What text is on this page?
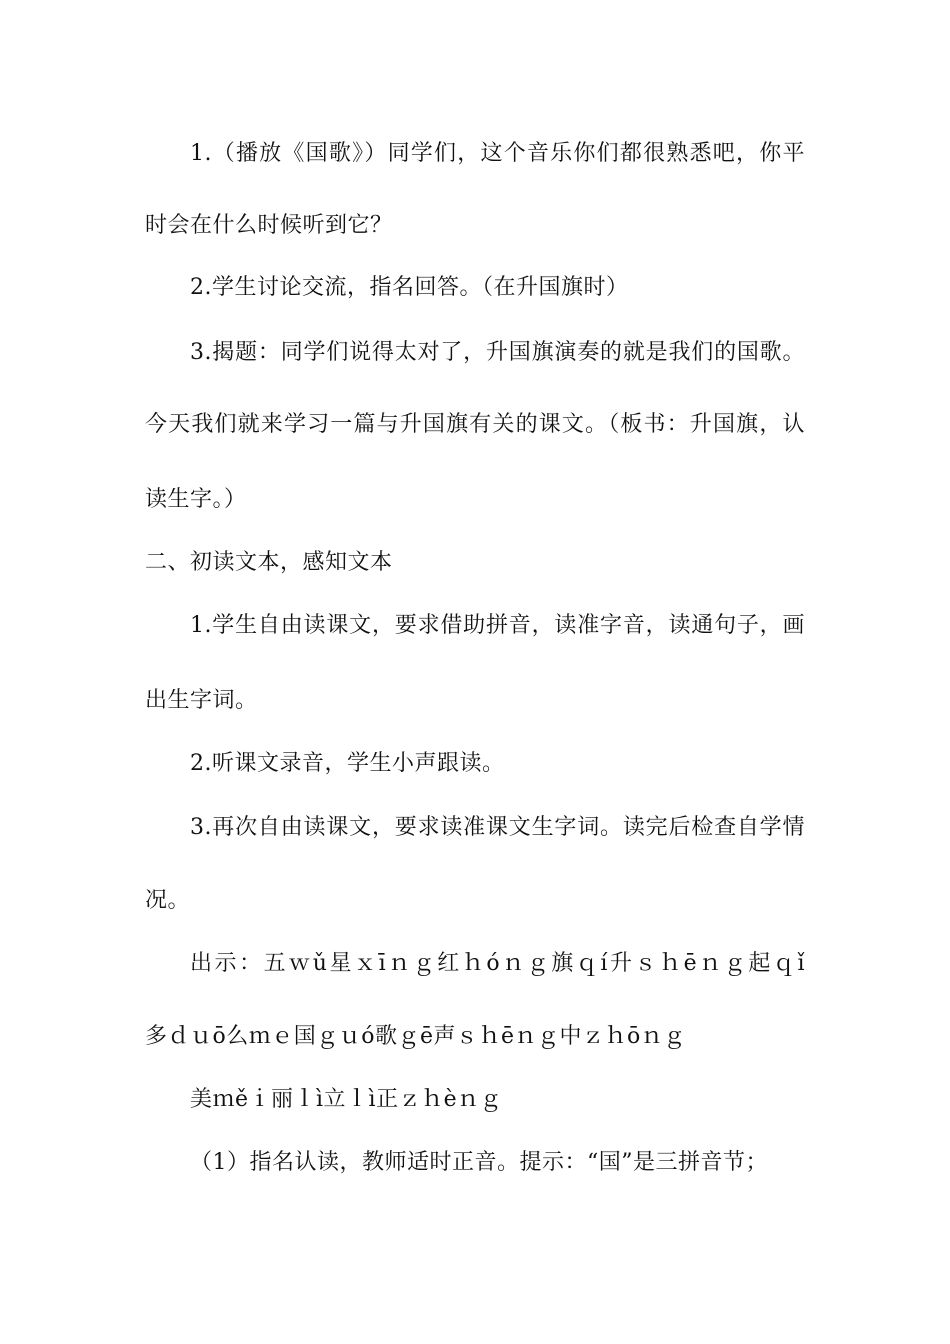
1.（播放《国歌》）同学们，这个音乐你们都很熟悉吧，你平
时会在什么时候听到它？
2.学生讨论交流，指名回答。（在升国旗时）
3.揭题：同学们说得太对了，升国旗演奏的就是我们的国歌。
今天我们就来学习一篇与升国旗有关的课文。（板书：升国旗，认
读生字。）
二、初读文本，感知文本
1.学生自由读课文，要求借助拼音，读准字音，读通句子，画
出生字词。
2.听课文录音，学生小声跟读。
3.再次自由读课文，要求读准课文生字词。读完后检查自学情
况。
出示：五ｗǔ星ｘīｎｇ红ｈóｎｇ旗ｑí升ｓｈēｎｇ起ｑǐ
多ｄｕō么ｍｅ国ｇｕó歌ｇē声ｓｈēｎｇ中ｚｈōｎｇ
美ｍěｉ丽ｌì立ｌì正ｚｈèｎｇ
（1）指名认读，教师适时正音。提示：“国”是三拼音节；
